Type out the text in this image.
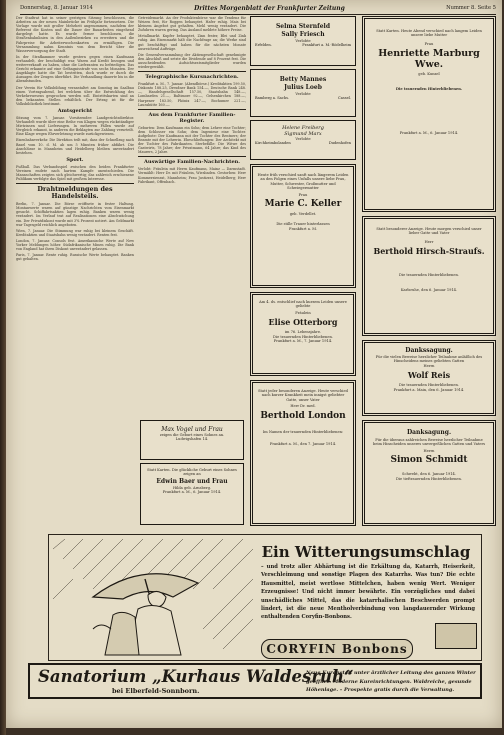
Donnerstag, 8. Januar 1914	Drittes Morgenblatt der Frankfurter Zeitung	Nummer 8. Seite 5
Der Stadtrat hat in seiner gestrigen Sitzung beschlossen, die Arbeiten an der neuen Mainbrücke im Frühjahr fortzusetzen. Die Vorlage wurde mit großer Mehrheit angenommen, nachdem der Referent die Kosten und die Dauer der Bauarbeiten eingehend dargelegt hatte. Es wurde ferner beschlossen, die Straßenbahnlinien in den Außenbezirken zu erweitern und die Fahrpreise für Arbeiterwochenkarten zu ermäßigen. Die Versammlung nahm Kenntnis von dem Bericht über die Wasserversorgung der Stadt.
In der Strafkammer wurde gestern gegen einen Kaufmann verhandelt, der beschuldigt war, Waren auf Kredit bezogen und weiterverkauft zu haben, ohne die Lieferanten zu befriedigen. Das Gericht erkannte auf eine Gefängnisstrafe von sechs Monaten. Der Angeklagte hatte die Tat bestritten, doch wurde er durch die Aussagen der Zeugen überführt. Die Verhandlung dauerte bis in die Abendstunden.
Der Verein für Volksbildung veranstaltet am Sonntag im Saalbau einen Vortragsabend, bei welchem über die Entwicklung des Verkehrswesens gesprochen werden soll. Eintrittskarten sind an den bekannten Stellen erhältlich. Der Ertrag ist für die Volksbibliothek bestimmt.
Amtsgericht
Sitzung vom 7. Januar. Vorsitzender: Landgerichtsdirektor. Verhandelt wurde über eine Reihe von Klagen wegen rückständiger Mietzinsen und Lieferungen. In mehreren Fällen wurde auf Vergleich erkannt, in anderen die Beklagten zur Zahlung verurteilt. Eine Klage wegen Ehrverletzung wurde zurückgewiesen.
Eisenbahnverkehr. Die Direktion teilt mit, dass der Schnellzug nach Basel vom 10. d. M. ab um 5 Minuten früher abfährt. Die Anschlüsse in Mannheim und Heidelberg bleiben unverändert bestehen.
Sport.
Fußball. Das Verbandsspiel zwischen den beiden Frankfurter Vereinen endete nach hartem Kampfe unentschieden. Die Mannschaften zeigten sich gleichwertig; das zahlreich erschienene Publikum verfolgte das Spiel mit großem Interesse.
Drahtmeldungen des Handelsteils.
Berlin, 7. Januar. Die Börse eröffnete in fester Haltung. Montanwerte waren auf günstige Nachrichten vom Eisenmarkt gesucht. Schiffahrtsaktien lagen ruhig. Banken waren wenig verändert. Im Verlauf trat auf Realisationen eine Abschwächung ein. Der Privatdiskont wurde mit 3¾ Prozent notiert. Am Geldmarkt war Tagesgeld reichlich angeboten.
Wien, 7. Januar. Die Stimmung war ruhig bei kleinem Geschäft. Kreditaktien und Staatsbahn wenig verändert. Renten fest.
London, 7. Januar. Consols fest. Amerikanische Werte auf New Yorker Meldungen höher. Südafrikanische Minen ruhig. Die Bank von England hat ihren Diskont unverändert gelassen.
Paris, 7. Januar. Rente ruhig. Russische Werte behauptet. Banken gut gehalten.
Getreidemarkt. An der Produktenbörse war die Tendenz für Weizen fest, für Roggen behauptet. Hafer ruhig. Mais bei kleinem Angebot gut gehalten. Mehl wenig verändert. Die Zufuhren waren gering. Das Ausland meldete höhere Preise.
Metallmarkt. Kupfer behauptet, Zinn fester, Blei und Zink ruhig. Am Eisenmarkt hält die Nachfrage an; die Werke sind gut beschäftigt und haben für die nächsten Monate ausreichend Aufträge.
Die Generalversammlung der Aktiengesellschaft genehmigte den Abschluß und setzte die Dividende auf 8 Prozent fest. Die ausscheidenden Aufsichtsratsmitglieder wurden wiedergewählt.
Telegraphische Kursnachrichten.
Frankfurt a. M., 7. Januar. (Abendbörse.) Kreditaktien 199.50, Diskonto 188.25, Dresdner Bank 154.—, Deutsche Bank 248.—, Handelsgesellschaft 157.50, Staatsbahn 148.—, Lombarden 21.—, Baltimore 92.—, Gelsenkirchen 188.—, Harpener 183.50, Phönix 247.—, Bochumer 221.—, Laurahütte 160.—.
Aus dem Frankfurter Familien-Register.
Geburten: Dem Kaufmann ein Sohn; dem Lehrer eine Tochter; dem Schlosser ein Sohn; dem Ingenieur eine Tochter. Aufgebote: Der Kaufmann mit der Tochter des Rentners; der Beamte mit der Lehrerin. Eheschließungen: Der Architekt mit der Tochter des Fabrikanten. Sterbefälle: Die Witwe des Gastwirts, 78 Jahre; der Privatmann, 64 Jahre; das Kind des Maurers, 2 Jahre.
Auswärtige Familien-Nachrichten.
Verlobt: Fräulein mit Herrn Kaufmann, Mainz — Darmstadt. Vermählt: Herr Dr. mit Fräulein, Wiesbaden. Gestorben: Herr Kommerzienrat, Mannheim; Frau Justizrat, Heidelberg; Herr Fabrikant, Offenbach.
Max Vogel und Frau
zeigen die Geburt eines Sohnes an.
Ludwigshafen 14.
Statt Karten. Die glückliche Geburt eines Sohnes zeigen an
Edwin Baer und Frau
Hilda geb. Arnsberg.
Frankfurt a. M., 6. Januar 1914.
Selma Sternfeld
Sally Friesch
Verlobte
Erfelden.	Frankfurt a. M.-Rödelheim
Betty Mannes
Julius Loeb
Verlobte
Bamberg a. Sachs.	Cassel.
Helene Freiberg
Sigmund Marx
Verlobte
Kirchheimbolanden	Dudenhofen
Heute früh verschied sanft nach längerem Leiden an den Folgen eines Unfalls unsere liebe Frau, Mutter, Schwester, Großmutter und Schwiegermutter
Frau
Marie C. Keller
geb. Verdellet.
Die stille Trauer hinterlassen
Frankfurt a. M.
Am 4. ds. entschlief nach kurzem Leiden unsere geliebte
Fräulein
Elise Otterborg
im 76. Lebensjahre.
Die trauernden Hinterbliebenen.
Frankfurt a. M., 7. Januar 1914.
Statt jeder besonderen Anzeige. Heute verschied nach kurzer Krankheit mein innigst geliebter Gatte, unser Vater
Herr Dr. med.
Berthold London
Im Namen der trauernden Hinterbliebenen:
Frankfurt a. M., den 7. Januar 1914.
Statt Karten. Heute Abend verschied nach langem Leiden unsere liebe Mutter
Frau
Henriette Marburg Wwe.
geb. Kunzel
Die trauernden Hinterbliebenen.
Frankfurt a. M., 6. Januar 1914.
Statt besonderer Anzeige. Heute morgen verschied unser lieber Gatte und Vater
Herr
Berthold Hirsch-Straufs.
Die trauernden Hinterbliebenen.
Karlsruhe, den 6. Januar 1914.
Dankssagung.
Für die vielen Beweise herzlicher Teilnahme anläßlich des Hinscheidens meines geliebten Gatten
Herrn
Wolf Reis
Die trauernden Hinterbliebenen.
Frankfurt a. Main, den 6. Januar 1914.
Danksagung.
Für die überaus zahlreichen Beweise herzlicher Teilnahme beim Hinscheiden unseres unvergeßlichen Gatten und Vaters
Herrn
Simon Schmidt
Schwebt, den 6. Januar 1914.
Die tieftrauernden Hinterbliebenen.
Ein Witterungsumschlag
– und trotz aller Abhärtung ist die Erkältung da, Katarrh, Heiserkeit, Verschleimung und sonstige Plagen des Katarrhs. Was tun? Die echte Hausmittel, meist wertlose Mittelchen, haben wenig Wert. Weniger Erzeugnisse! Und nicht immer bewährte. Ein vorzügliches und dabei unschädliches Mittel, das die katarrhalischen Beschwerden prompt lindert, ist die neue Mentholverbindung von langdauernder Wirkung enthaltenden Coryfin-Bonbons.
CORYFIN Bonbons
Sanatorium „Kurhaus Waldesruh“
bei Elberfeld-Sonnborn.
Neue Kuranstalt unter ärztlicher Leitung des ganzen Winter geöffnet. Moderne Kureinrichtungen. Waldreiche, gesunde Höhenlage. – Prospekte gratis durch die Verwaltung.
